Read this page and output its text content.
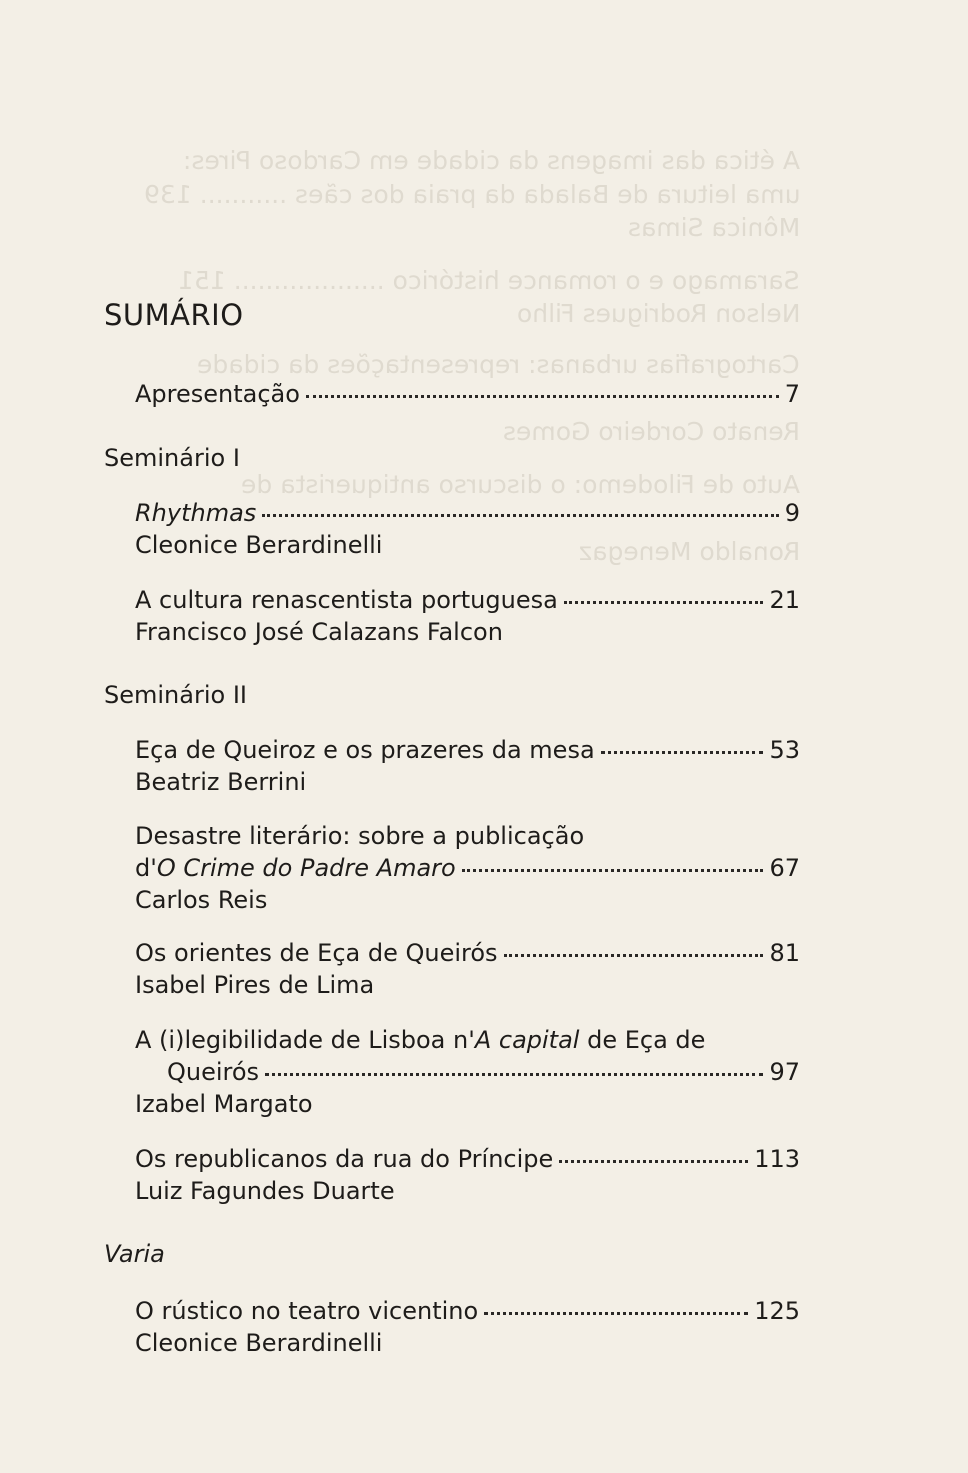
A ética das imagens da cidade em Cardoso Pires:
uma leitura de Balada da praia dos cães ........... 139
Mônica Simas
Saramago e o romance histórico ................... 151
Nelson Rodrigues Filho
Cartografias urbanas: representações da cidade
Renato Cordeiro Gomes
Auto de Filodemo: o discurso antiquerista de
Ronaldo Menegaz
SUMÁRIO
Apresentação	7
Seminário I
Rhythmas	9
Cleonice Berardinelli
A cultura renascentista portuguesa	21
Francisco José Calazans Falcon
Seminário II
Eça de Queiroz e os prazeres da mesa	53
Beatriz Berrini
Desastre literário: sobre a publicação
d'O Crime do Padre Amaro	67
Carlos Reis
Os orientes de Eça de Queirós	81
Isabel Pires de Lima
A (i)legibilidade de Lisboa n'A capital de Eça de
Queirós	97
Izabel Margato
Os republicanos da rua do Príncipe	113
Luiz Fagundes Duarte
Varia
O rústico no teatro vicentino	125
Cleonice Berardinelli
